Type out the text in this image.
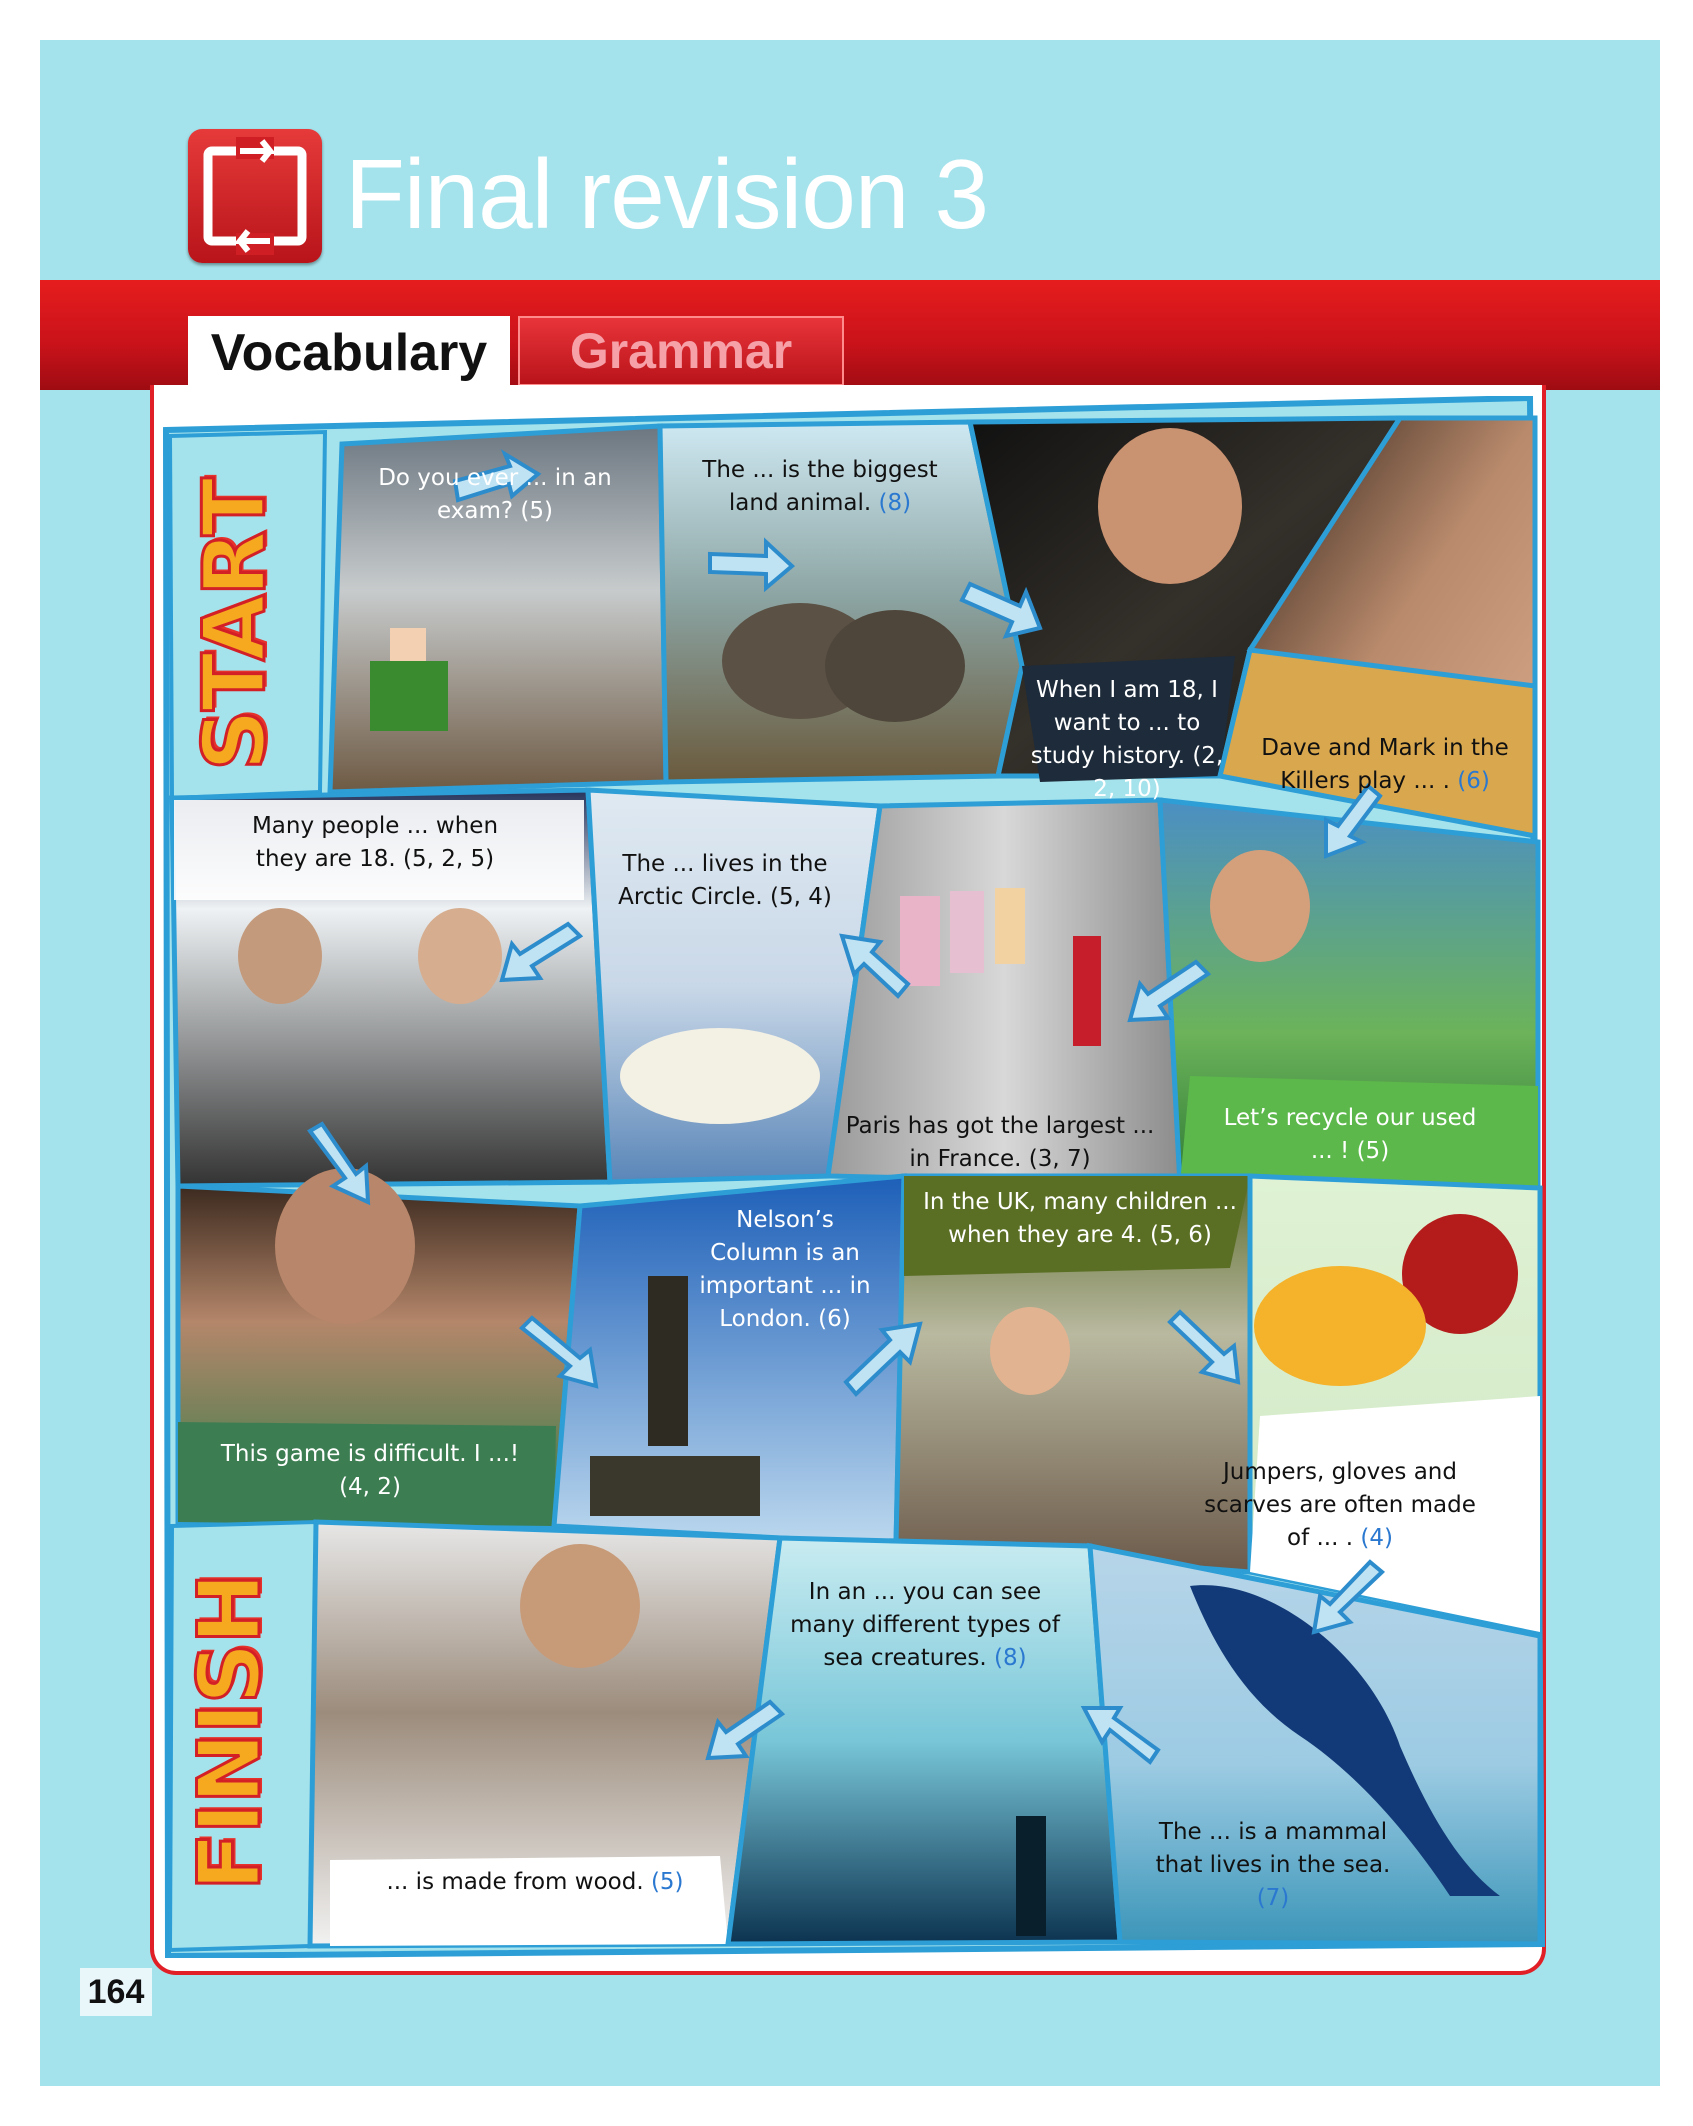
Final revision 3
Vocabulary	Grammar
START
FINISH
Do you ever ... in an exam? (5)
The ... is the biggest land animal. (8)
When I am 18, I want to ... to study history. (2, 2, 10)
Dave and Mark in the Killers play ... . (6)
Let’s recycle our used ... ! (5)
Paris has got the largest ... in France. (3, 7)
The ... lives in the Arctic Circle. (5, 4)
Many people ... when they are 18. (5, 2, 5)
This game is difficult. I ...! (4, 2)
Nelson’s Column is an important ... in London. (6)
In the UK, many children ... when they are 4. (5, 6)
Jumpers, gloves and scarves are often made of ... . (4)
The ... is a mammal that lives in the sea. (7)
In an ... you can see many different types of sea creatures. (8)
... is made from wood. (5)
164
